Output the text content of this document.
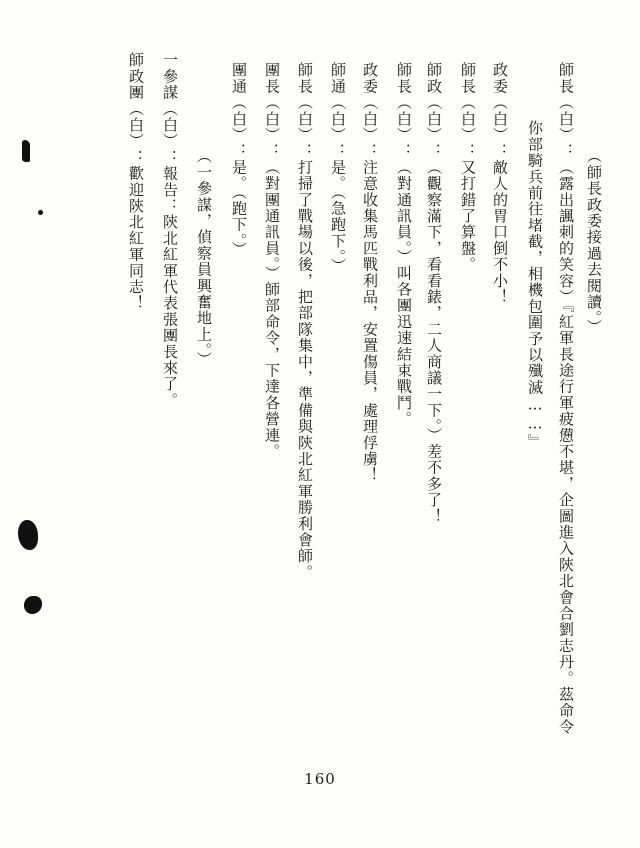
（師長政委接過去閱讀。）
師長（白）：（露出諷刺的笑容）『紅軍長途行軍疲憊不堪，企圖進入陝北會合劉志丹。茲命令
你部騎兵前往堵截，相機包圍予以殲滅……』
政委（白）：敵人的胃口倒不小！
師長（白）：又打錯了算盤。
師政（白）：（觀察滿下，看看錶，二人商議一下。）差不多了！
師長（白）：（對通訊員。）叫各團迅速結束戰鬥。
政委（白）：注意收集馬匹戰利品，安置傷員，處理俘虜！
師通（白）：是。（急跑下。）
師長（白）：打掃了戰場以後，把部隊集中，準備與陝北紅軍勝利會師。
團長（白）：（對團通訊員。）師部命令，下達各營連。
團通（白）：是。（跑下。）
（一參謀，偵察員興奮地上。）
一參謀（白）：報告：陝北紅軍代表張團長來了。
師政團（白）：歡迎陝北紅軍同志！
160
